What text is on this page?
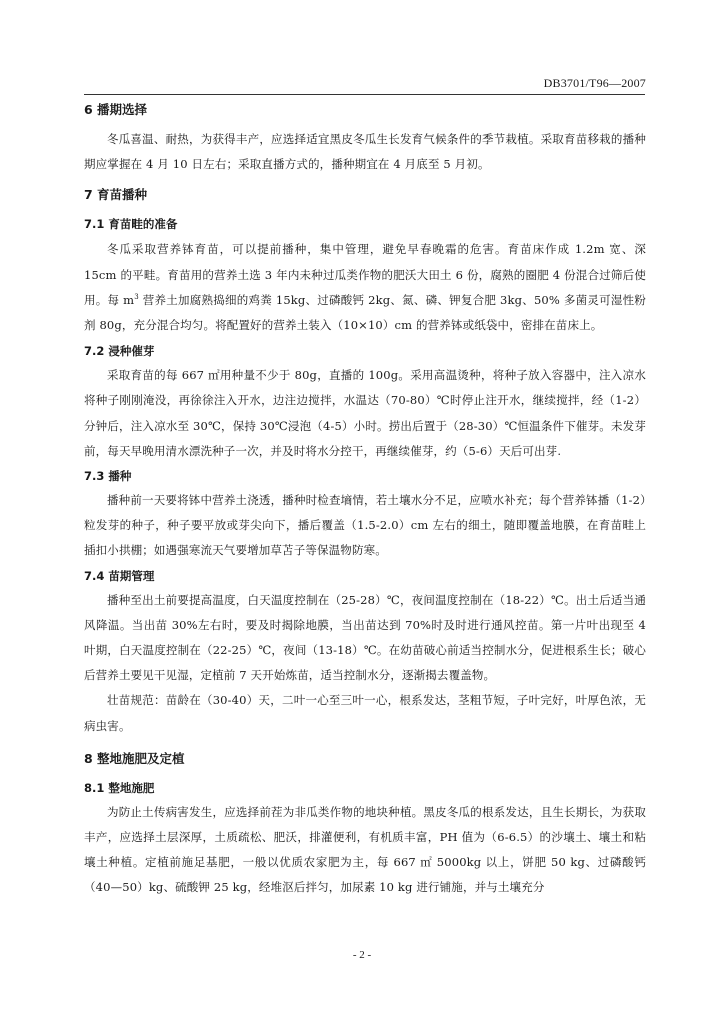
DB3701/T96—2007
6 播期选择

冬瓜喜温、耐热，为获得丰产，应选择适宜黑皮冬瓜生长发育气候条件的季节栽植。采取育苗移栽的播种期应掌握在 4 月 10 日左右；采取直播方式的，播种期宜在 4 月底至 5 月初。

7 育苗播种
7.1 育苗畦的准备

冬瓜采取营养钵育苗，可以提前播种，集中管理，避免早春晚霜的危害。育苗床作成 1.2m 宽、深 15cm 的平畦。育苗用的营养土选 3 年内未种过瓜类作物的肥沃大田土 6 份，腐熟的圈肥 4 份混合过筛后使用。每 $m^3$ 营养土加腐熟捣细的鸡粪 15kg、过磷酸钙 2kg、氮、磷、钾复合肥 3kg、50% 多菌灵可湿性粉剂 80g，充分混合均匀。将配置好的营养土装入（10×10）cm 的营养钵或纸袋中，密排在苗床上。

7.2 浸种催芽

采取育苗的每 667 ㎡用种量不少于 80g，直播的 100g。采用高温烫种，将种子放入容器中，注入凉水将种子刚刚淹没，再徐徐注入开水，边注边搅拌，水温达（70-80）℃时停止注开水，继续搅拌，经（1-2）分钟后，注入凉水至 30℃，保持 30℃浸泡（4-5）小时。捞出后置于（28-30）℃恒温条件下催芽。未发芽前，每天早晚用清水漂洗种子一次，并及时将水分控干，再继续催芽，约（5-6）天后可出芽.

7.3 播种

播种前一天要将钵中营养土浇透，播种时检查墒情，若土壤水分不足，应喷水补充；每个营养钵播（1-2）粒发芽的种子，种子要平放或芽尖向下，播后覆盖（1.5-2.0）cm 左右的细土，随即覆盖地膜，在育苗畦上插扣小拱棚；如遇强寒流天气要增加草苫子等保温物防寒。

7.4 苗期管理

播种至出土前要提高温度，白天温度控制在（25-28）℃，夜间温度控制在（18-22）℃。出土后适当通风降温。当出苗 30%左右时，要及时揭除地膜，当出苗达到 70%时及时进行通风控苗。第一片叶出现至 4 叶期，白天温度控制在（22-25）℃，夜间（13-18）℃。在幼苗破心前适当控制水分，促进根系生长；破心后营养土要见干见湿，定植前 7 天开始炼苗，适当控制水分，逐渐揭去覆盖物。

壮苗规范：苗龄在（30-40）天，二叶一心至三叶一心，根系发达，茎粗节短，子叶完好，叶厚色浓，无病虫害。

8 整地施肥及定植
8.1 整地施肥

为防止土传病害发生，应选择前茬为非瓜类作物的地块种植。黑皮冬瓜的根系发达，且生长期长，为获取丰产，应选择土层深厚，土质疏松、肥沃，排灌便利，有机质丰富，PH 值为（6-6.5）的沙壤土、壤土和粘壤土种植。定植前施足基肥，一般以优质农家肥为主，每 667 ㎡ 5000kg 以上，饼肥 50 kg、过磷酸钙（40—50）kg、硫酸钾 25 kg，经堆沤后拌匀，加尿素 10 kg 进行铺施，并与土壤充分

- 2 -
